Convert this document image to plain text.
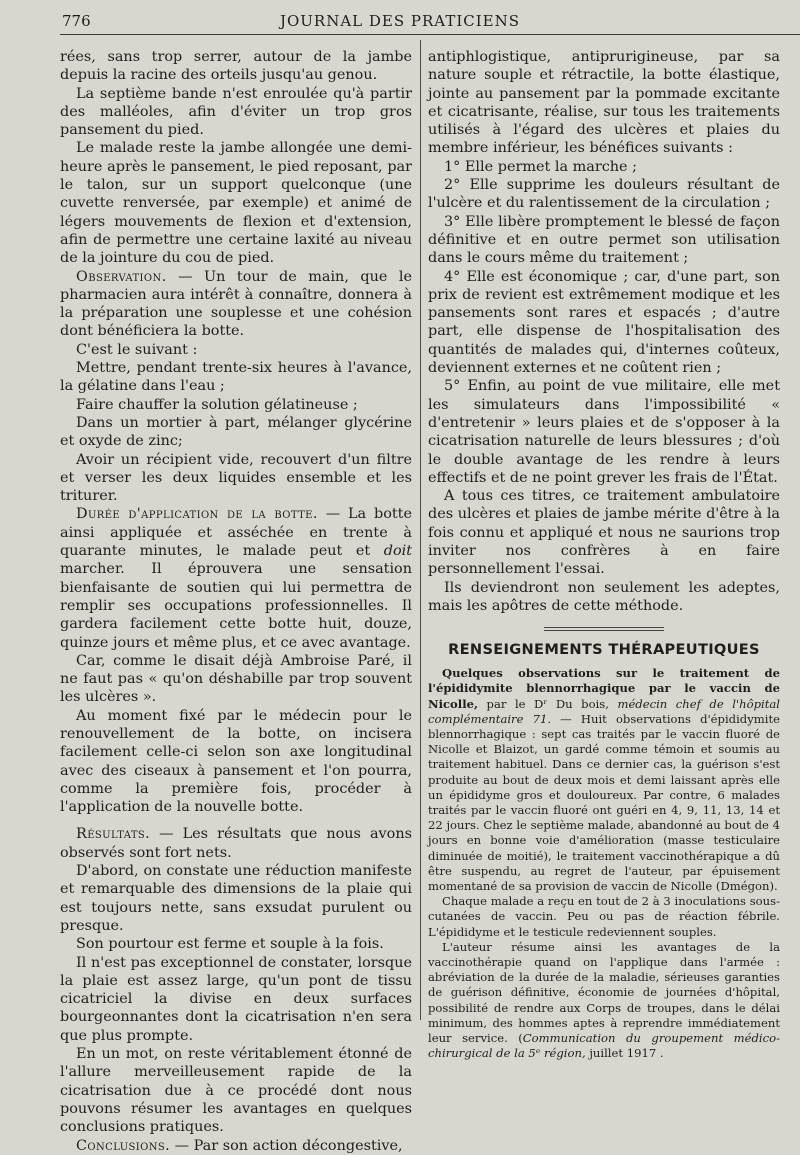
776	JOURNAL DES PRATICIENS

rées, sans trop serrer, autour de la jambe depuis la racine des orteils jusqu'au genou.

La septième bande n'est enroulée qu'à partir des malléoles, afin d'éviter un trop gros pansement du pied.

Le malade reste la jambe allongée une demi-heure après le pansement, le pied reposant, par le talon, sur un support quelconque (une cuvette renversée, par exemple) et animé de légers mouvements de flexion et d'extension, afin de permettre une certaine laxité au niveau de la jointure du cou de pied.

Observation. — Un tour de main, que le pharmacien aura intérêt à connaître, donnera à la préparation une souplesse et une cohésion dont bénéficiera la botte.

C'est le suivant :

Mettre, pendant trente-six heures à l'avance, la gélatine dans l'eau ;

Faire chauffer la solution gélatineuse ;

Dans un mortier à part, mélanger glycérine et oxyde de zinc;

Avoir un récipient vide, recouvert d'un filtre et verser les deux liquides ensemble et les triturer.

Durée d'application de la botte. — La botte ainsi appliquée et asséchée en trente à quarante minutes, le malade peut et doit marcher. Il éprouvera une sensation bienfaisante de soutien qui lui permettra de remplir ses occupations professionnelles. Il gardera facilement cette botte huit, douze, quinze jours et même plus, et ce avec avantage.

Car, comme le disait déjà Ambroise Paré, il ne faut pas « qu'on déshabille par trop souvent les ulcères ».

Au moment fixé par le médecin pour le renouvellement de la botte, on incisera facilement celle-ci selon son axe longitudinal avec des ciseaux à pansement et l'on pourra, comme la première fois, procéder à l'application de la nouvelle botte.

Résultats. — Les résultats que nous avons observés sont fort nets.

D'abord, on constate une réduction manifeste et remarquable des dimensions de la plaie qui est toujours nette, sans exsudat purulent ou presque.

Son pourtour est ferme et souple à la fois.

Il n'est pas exceptionnel de constater, lorsque la plaie est assez large, qu'un pont de tissu cicatriciel la divise en deux surfaces bourgeonnantes dont la cicatrisation n'en sera que plus prompte.

En un mot, on reste véritablement étonné de l'allure merveilleusement rapide de la cicatrisation due à ce procédé dont nous pouvons résumer les avantages en quelques conclusions pratiques.

Conclusions. — Par son action décongestive,

antiphlogistique, antiprurigineuse, par sa nature souple et rétractile, la botte élastique, jointe au pansement par la pommade excitante et cicatrisante, réalise, sur tous les traitements utilisés à l'égard des ulcères et plaies du membre inférieur, les bénéfices suivants :

1° Elle permet la marche ;

2° Elle supprime les douleurs résultant de l'ulcère et du ralentissement de la circulation ;

3° Elle libère promptement le blessé de façon définitive et en outre permet son utilisation dans le cours même du traitement ;

4° Elle est économique ; car, d'une part, son prix de revient est extrêmement modique et les pansements sont rares et espacés ; d'autre part, elle dispense de l'hospitalisation des quantités de malades qui, d'internes coûteux, deviennent externes et ne coûtent rien ;

5° Enfin, au point de vue militaire, elle met les simulateurs dans l'impossibilité « d'entretenir » leurs plaies et de s'opposer à la cicatrisation naturelle de leurs blessures ; d'où le double avantage de les rendre à leurs effectifs et de ne point grever les frais de l'État.

A tous ces titres, ce traitement ambulatoire des ulcères et plaies de jambe mérite d'être à la fois connu et appliqué et nous ne saurions trop inviter nos confrères à en faire personnellement l'essai.

Ils deviendront non seulement les adeptes, mais les apôtres de cette méthode.

RENSEIGNEMENTS THÉRAPEUTIQUES

Quelques observations sur le traitement de l'épididymite blennorrhagique par le vaccin de Nicolle, par le Dʳ Du bois, médecin chef de l'hôpital complémentaire 71. — Huit observations d'épididymite blennorrhagique : sept cas traités par le vaccin fluoré de Nicolle et Blaizot, un gardé comme témoin et soumis au traitement habituel. Dans ce dernier cas, la guérison s'est produite au bout de deux mois et demi laissant après elle un épididyme gros et douloureux. Par contre, 6 malades traités par le vaccin fluoré ont guéri en 4, 9, 11, 13, 14 et 22 jours. Chez le septième malade, abandonné au bout de 4 jours en bonne voie d'amélioration (masse testiculaire diminuée de moitié), le traitement vaccinothérapique a dû être suspendu, au regret de l'auteur, par épuisement momentané de sa provision de vaccin de Nicolle (Dmégon).

Chaque malade a reçu en tout de 2 à 3 inoculations sous-cutanées de vaccin. Peu ou pas de réaction fébrile. L'épididyme et le testicule redeviennent souples.

L'auteur résume ainsi les avantages de la vaccinothérapie quand on l'applique dans l'armée : abréviation de la durée de la maladie, sérieuses garanties de guérison définitive, économie de journées d'hôpital, possibilité de rendre aux Corps de troupes, dans le délai minimum, des hommes aptes à reprendre immédiatement leur service. (Communication du groupement médico-chirurgical de la 5ᵉ région, juillet 1917 .
